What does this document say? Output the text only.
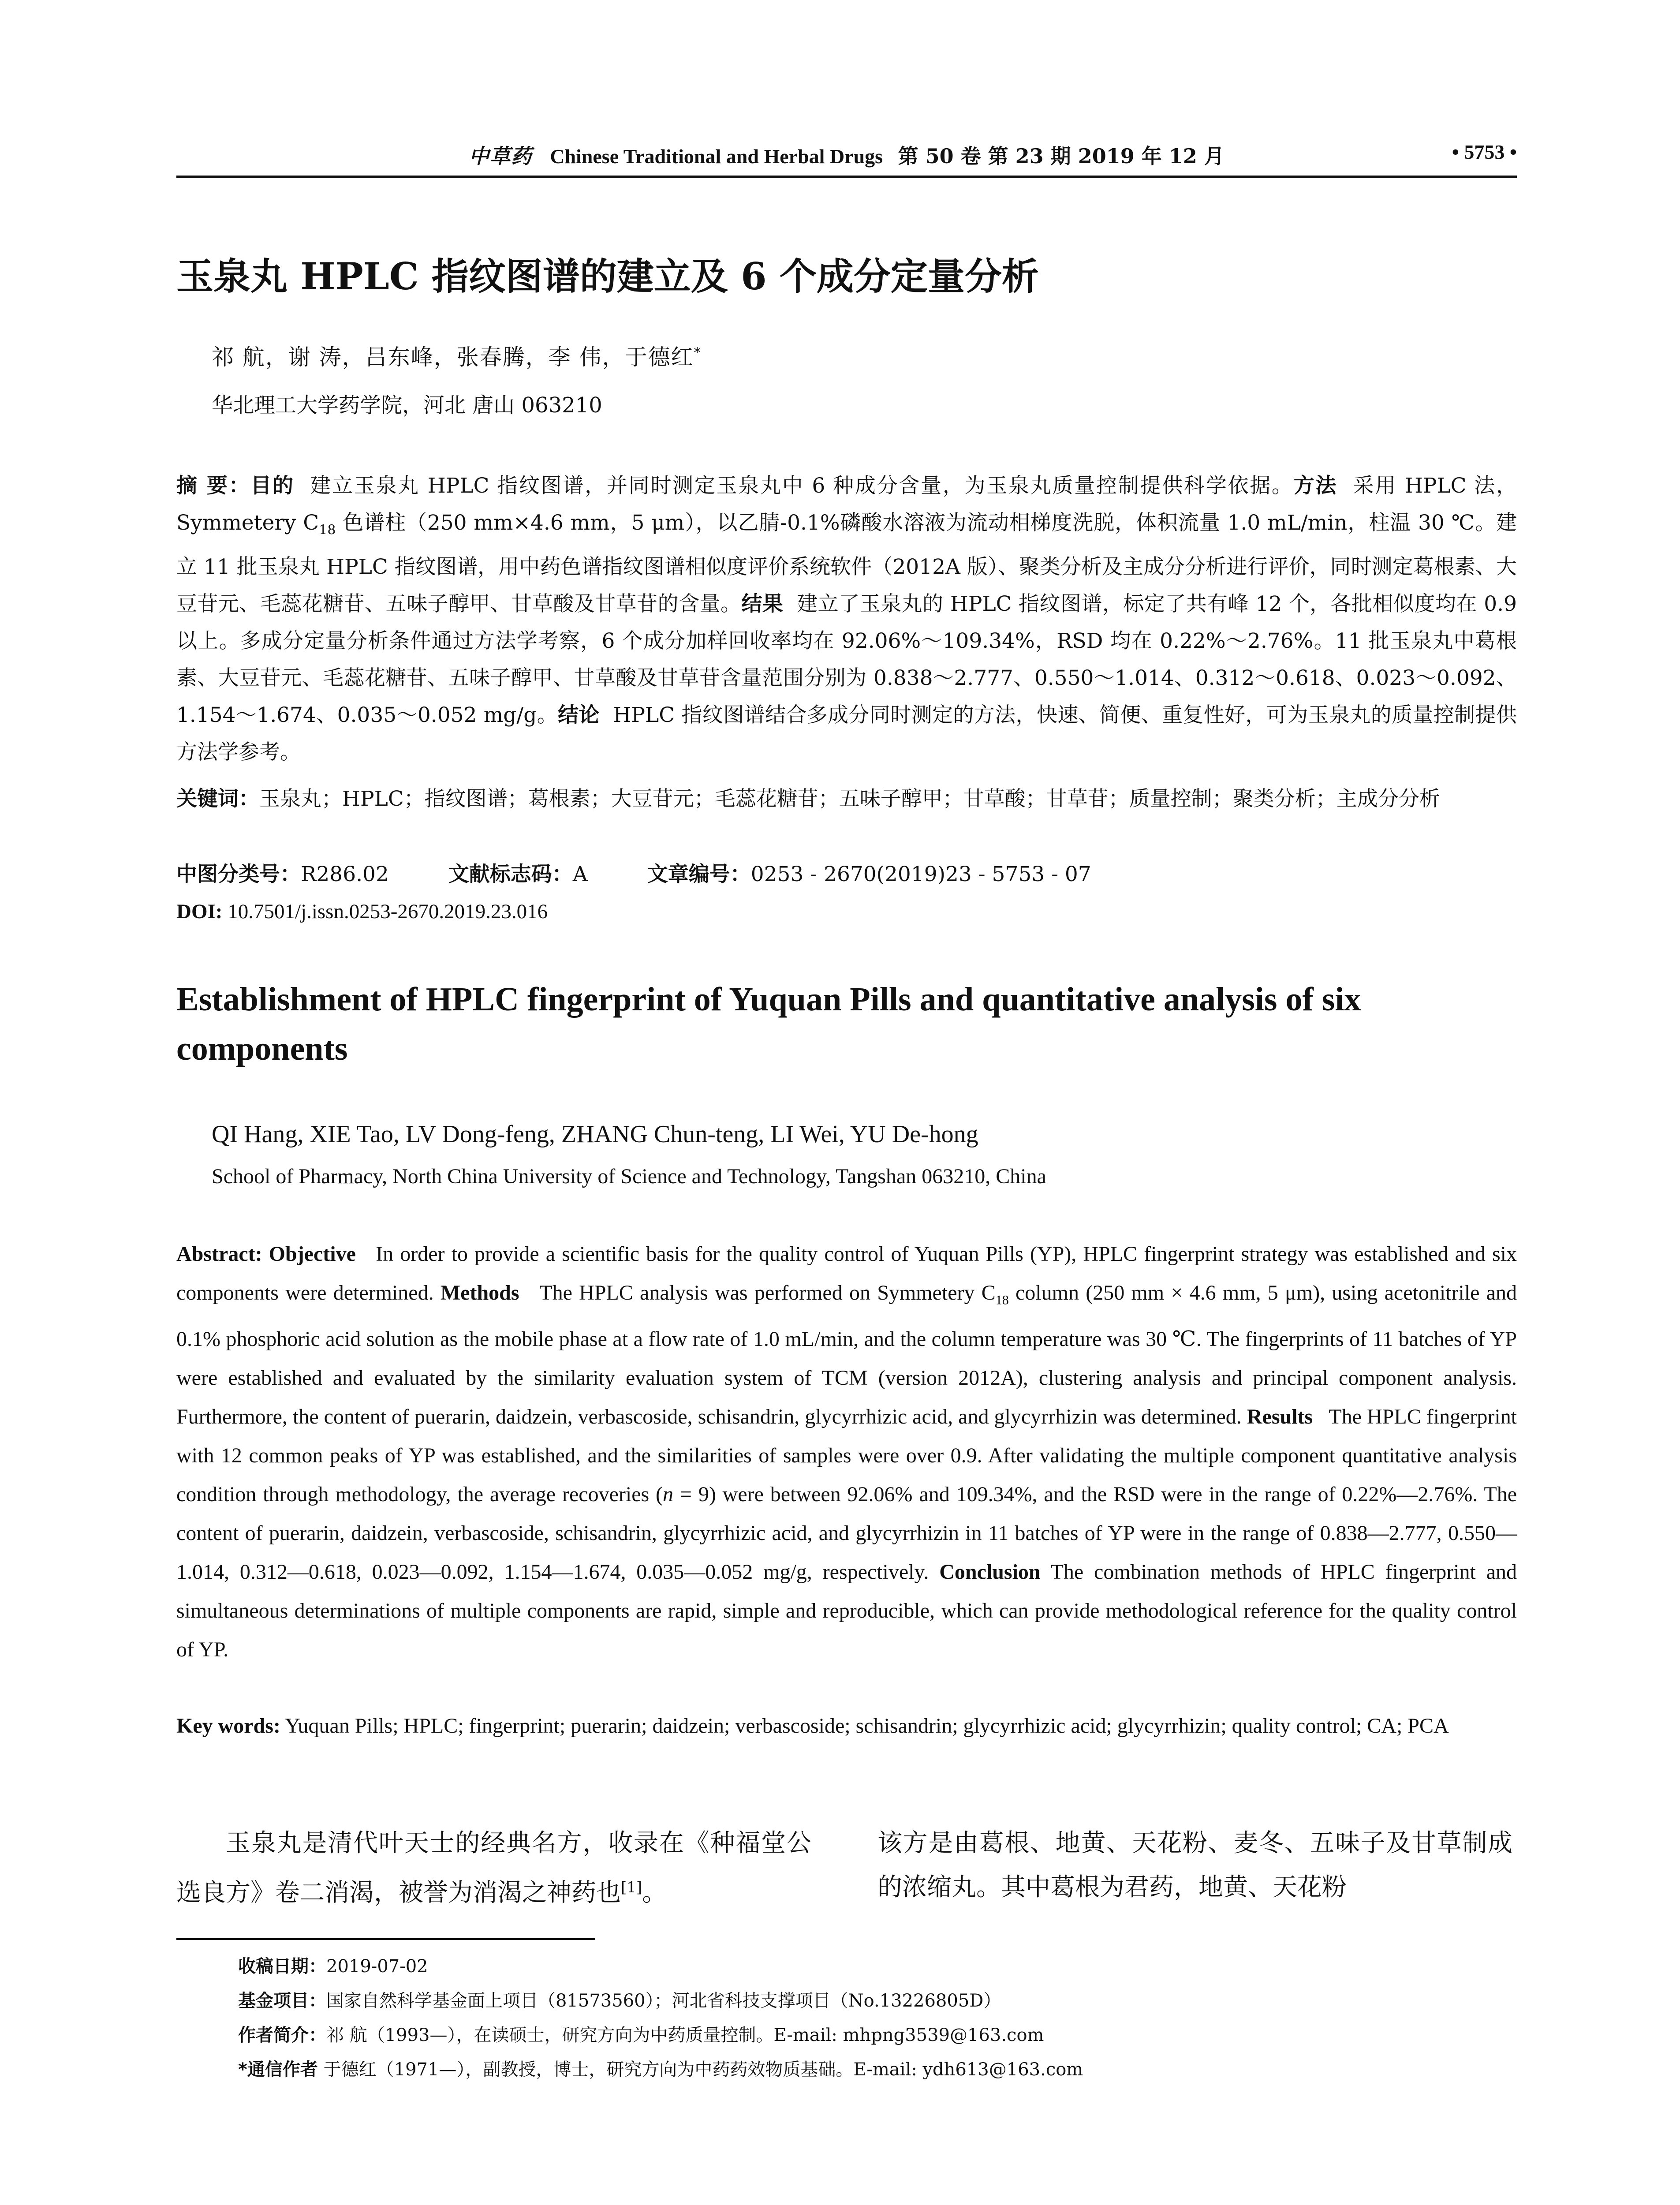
中草药 Chinese Traditional and Herbal Drugs 第 50 卷 第 23 期 2019 年 12 月	• 5753 •
玉泉丸 HPLC 指纹图谱的建立及 6 个成分定量分析
祁 航，谢 涛，吕东峰，张春腾，李 伟，于德红*
华北理工大学药学院，河北 唐山 063210
摘 要：目的 建立玉泉丸 HPLC 指纹图谱，并同时测定玉泉丸中 6 种成分含量，为玉泉丸质量控制提供科学依据。方法 采用 HPLC 法，Symmetery $C_{18}$ 色谱柱（250 mm×4.6 mm，5 μm），以乙腈-0.1%磷酸水溶液为流动相梯度洗脱，体积流量 1.0 mL/min，柱温 30 ℃。建立 11 批玉泉丸 HPLC 指纹图谱，用中药色谱指纹图谱相似度评价系统软件（2012A 版）、聚类分析及主成分分析进行评价，同时测定葛根素、大豆苷元、毛蕊花糖苷、五味子醇甲、甘草酸及甘草苷的含量。结果 建立了玉泉丸的 HPLC 指纹图谱，标定了共有峰 12 个，各批相似度均在 0.9 以上。多成分定量分析条件通过方法学考察，6 个成分加样回收率均在 92.06%～109.34%，RSD 均在 0.22%～2.76%。11 批玉泉丸中葛根素、大豆苷元、毛蕊花糖苷、五味子醇甲、甘草酸及甘草苷含量范围分别为 0.838～2.777、0.550～1.014、0.312～0.618、0.023～0.092、1.154～1.674、0.035～0.052 mg/g。结论 HPLC 指纹图谱结合多成分同时测定的方法，快速、简便、重复性好，可为玉泉丸的质量控制提供方法学参考。
关键词：玉泉丸；HPLC；指纹图谱；葛根素；大豆苷元；毛蕊花糖苷；五味子醇甲；甘草酸；甘草苷；质量控制；聚类分析；主成分分析
中图分类号：R286.02	文献标志码：A	文章编号：0253 - 2670(2019)23 - 5753 - 07
DOI: 10.7501/j.issn.0253-2670.2019.23.016
Establishment of HPLC fingerprint of Yuquan Pills and quantitative analysis of six components
QI Hang, XIE Tao, LV Dong-feng, ZHANG Chun-teng, LI Wei, YU De-hong
School of Pharmacy, North China University of Science and Technology, Tangshan 063210, China
Abstract: Objective In order to provide a scientific basis for the quality control of Yuquan Pills (YP), HPLC fingerprint strategy was established and six components were determined. Methods The HPLC analysis was performed on Symmetery $C_{18}$ column (250 mm × 4.6 mm, 5 μm), using acetonitrile and 0.1% phosphoric acid solution as the mobile phase at a flow rate of 1.0 mL/min, and the column temperature was 30 ℃. The fingerprints of 11 batches of YP were established and evaluated by the similarity evaluation system of TCM (version 2012A), clustering analysis and principal component analysis. Furthermore, the content of puerarin, daidzein, verbascoside, schisandrin, glycyrrhizic acid, and glycyrrhizin was determined. Results The HPLC fingerprint with 12 common peaks of YP was established, and the similarities of samples were over 0.9. After validating the multiple component quantitative analysis condition through methodology, the average recoveries (n = 9) were between 92.06% and 109.34%, and the RSD were in the range of 0.22%—2.76%. The content of puerarin, daidzein, verbascoside, schisandrin, glycyrrhizic acid, and glycyrrhizin in 11 batches of YP were in the range of 0.838—2.777, 0.550—1.014, 0.312—0.618, 0.023—0.092, 1.154—1.674, 0.035—0.052 mg/g, respectively. Conclusion The combination methods of HPLC fingerprint and simultaneous determinations of multiple components are rapid, simple and reproducible, which can provide methodological reference for the quality control of YP.
Key words: Yuquan Pills; HPLC; fingerprint; puerarin; daidzein; verbascoside; schisandrin; glycyrrhizic acid; glycyrrhizin; quality control; CA; PCA
玉泉丸是清代叶天士的经典名方，收录在《种福堂公选良方》卷二消渴，被誉为消渴之神药也[1]。
该方是由葛根、地黄、天花粉、麦冬、五味子及甘草制成的浓缩丸。其中葛根为君药，地黄、天花粉
收稿日期：2019-07-02
基金项目：国家自然科学基金面上项目（81573560）；河北省科技支撑项目（No.13226805D）
作者简介：祁 航（1993—），在读硕士，研究方向为中药质量控制。E-mail: mhpng3539@163.com
*通信作者 于德红（1971—），副教授，博士，研究方向为中药药效物质基础。E-mail: ydh613@163.com
